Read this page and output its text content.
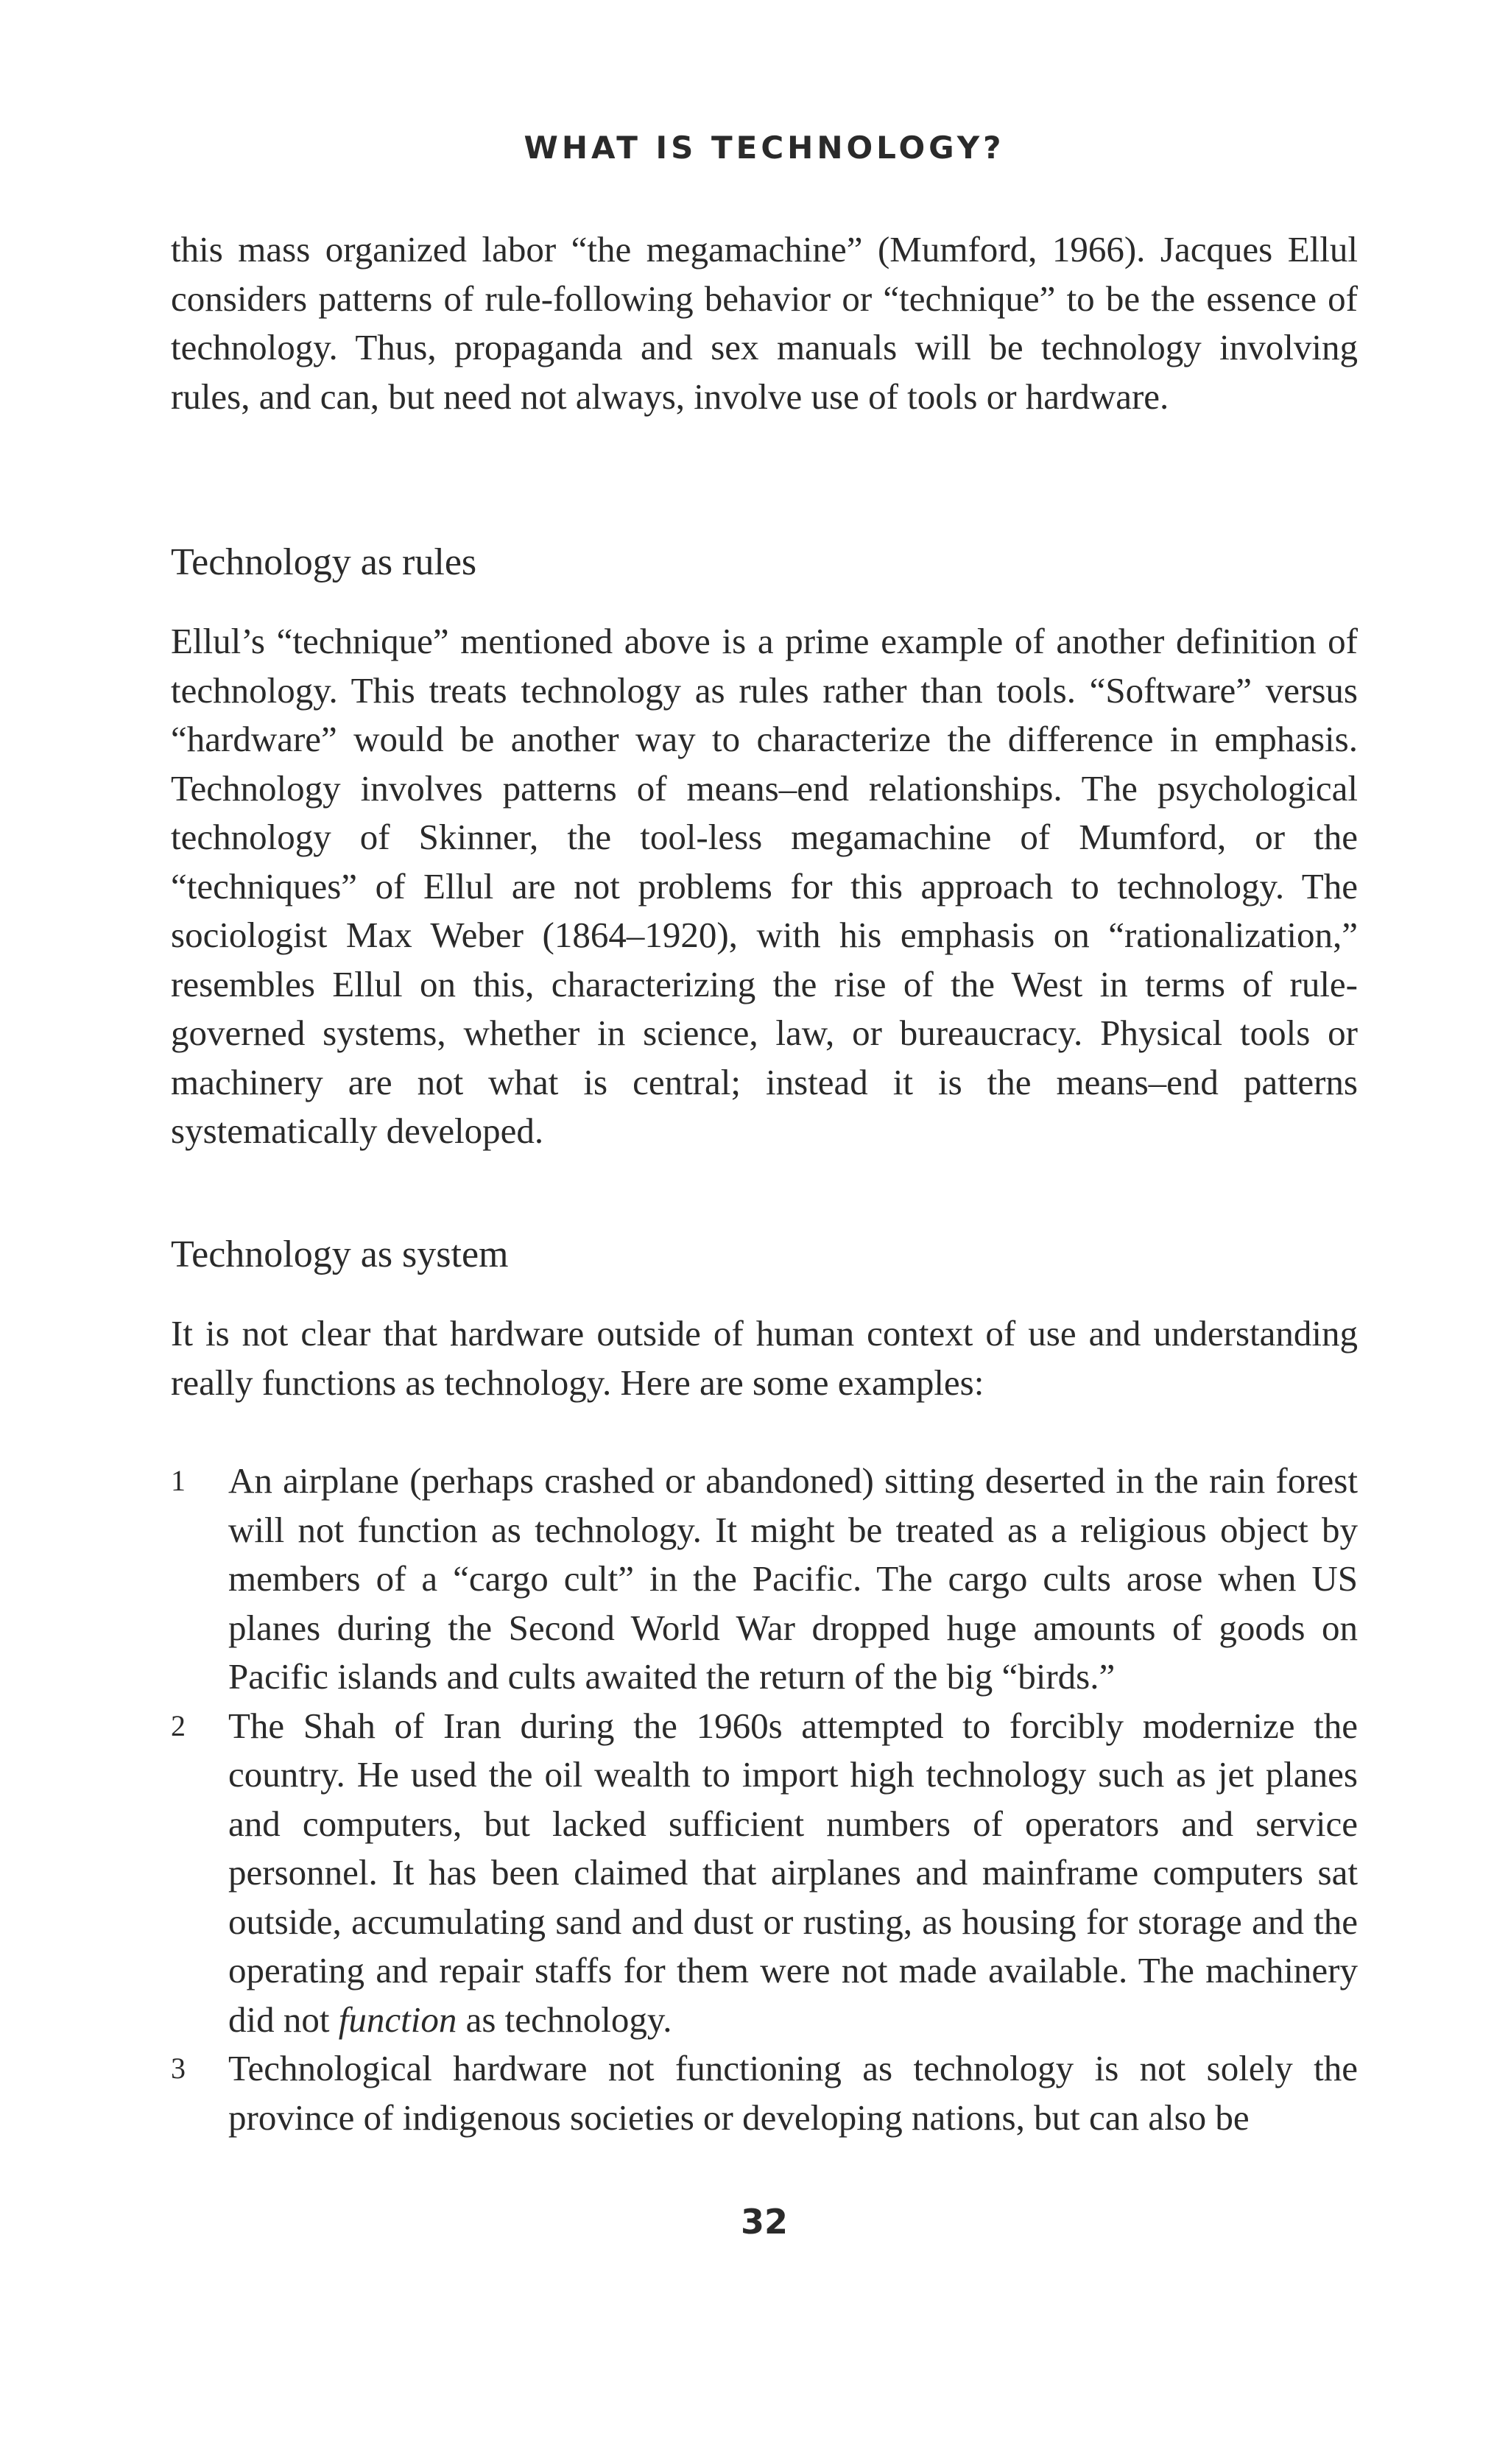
WHAT IS TECHNOLOGY?

this mass organized labor “the megamachine” (Mumford, 1966). Jacques Ellul considers patterns of rule-following behavior or “technique” to be the essence of technology. Thus, propaganda and sex manuals will be technology involving rules, and can, but need not always, involve use of tools or hardware.

Technology as rules

Ellul’s “technique” mentioned above is a prime example of another definition of technology. This treats technology as rules rather than tools. “Software” versus “hardware” would be another way to characterize the difference in emphasis. Technology involves patterns of means–end relationships. The psychological technology of Skinner, the tool-less megamachine of Mumford, or the “techniques” of Ellul are not problems for this approach to technology. The sociologist Max Weber (1864–1920), with his emphasis on “rationalization,” resembles Ellul on this, characterizing the rise of the West in terms of rule-governed systems, whether in science, law, or bureaucracy. Physical tools or machinery are not what is central; instead it is the means–end patterns systematically developed.

Technology as system

It is not clear that hardware outside of human context of use and understanding really functions as technology. Here are some examples:

1 An airplane (perhaps crashed or abandoned) sitting deserted in the rain forest will not function as technology. It might be treated as a religious object by members of a “cargo cult” in the Pacific. The cargo cults arose when US planes during the Second World War dropped huge amounts of goods on Pacific islands and cults awaited the return of the big “birds.”
2 The Shah of Iran during the 1960s attempted to forcibly modernize the country. He used the oil wealth to import high technology such as jet planes and computers, but lacked sufficient numbers of operators and service personnel. It has been claimed that airplanes and mainframe computers sat outside, accumulating sand and dust or rusting, as housing for storage and the operating and repair staffs for them were not made available. The machinery did not function as technology.
3 Technological hardware not functioning as technology is not solely the province of indigenous societies or developing nations, but can also be
32
